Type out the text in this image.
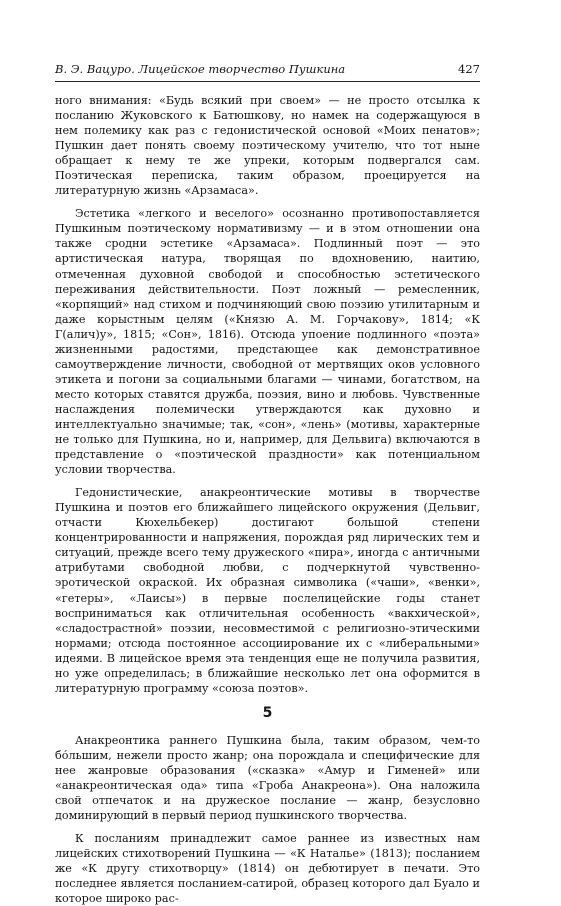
В. Э. Вацуро. Лицейское творчество Пушкина	427

ного внимания: «Будь всякий при своем» — не просто отсылка к посланию Жуковского к Батюшкову, но намек на содержащуюся в нем полемику как раз с гедонистической основой «Моих пенатов»; Пушкин дает понять своему поэтическому учителю, что тот ныне обращает к нему те же упреки, которым подвергался сам. Поэтическая переписка, таким образом, проецируется на литературную жизнь «Арзамаса».

Эстетика «легкого и веселого» осознанно противопоставляется Пушкиным поэтическому нормативизму — и в этом отношении она также сродни эстетике «Арзамаса». Подлинный поэт — это артистическая натура, творящая по вдохновению, наитию, отмеченная духовной свободой и способностью эстетического переживания действительности. Поэт ложный — ремесленник, «корпящий» над стихом и подчиняющий свою поэзию утилитарным и даже корыстным целям («Князю А. М. Горчакову», 1814; «К Г(алич)у», 1815; «Сон», 1816). Отсюда упоение подлинного «поэта» жизненными радостями, предстающее как демонстративное самоутверждение личности, свободной от мертвящих оков условного этикета и погони за социальными благами — чинами, богатством, на место которых ставятся дружба, поэзия, вино и любовь. Чувственные наслаждения полемически утверждаются как духовно и интеллектуально значимые; так, «сон», «лень» (мотивы, характерные не только для Пушкина, но и, например, для Дельвига) включаются в представление о «поэтической праздности» как потенциальном условии творчества.

Гедонистические, анакреонтические мотивы в творчестве Пушкина и поэтов его ближайшего лицейского окружения (Дельвиг, отчасти Кюхельбекер) достигают большой степени концентрированности и напряжения, порождая ряд лирических тем и ситуаций, прежде всего тему дружеского «пира», иногда с античными атрибутами свободной любви, с подчеркнутой чувственно-эротической окраской. Их образная символика («чаши», «венки», «гетеры», «Лаисы») в первые послелицейские годы станет восприниматься как отличительная особенность «вакхической», «сладострастной» поэзии, несовместимой с религиозно-этическими нормами; отсюда постоянное ассоциирование их с «либеральными» идеями. В лицейское время эта тенденция еще не получила развития, но уже определилась; в ближайшие несколько лет она оформится в литературную программу «союза поэтов».

5

Анакреонтика раннего Пушкина была, таким образом, чем-то бо́льшим, нежели просто жанр; она порождала и специфические для нее жанровые образования («сказка» «Амур и Гименей» или «анакреонтическая ода» типа «Гроба Анакреона»). Она наложила свой отпечаток и на дружеское послание — жанр, безусловно доминирующий в первый период пушкинского творчества.

К посланиям принадлежит самое раннее из известных нам лицейских стихотворений Пушкина — «К Наталье» (1813); посланием же «К другу стихотворцу» (1814) он дебютирует в печати. Это последнее является посланием-сатирой, образец которого дал Буало и которое широко рас-
